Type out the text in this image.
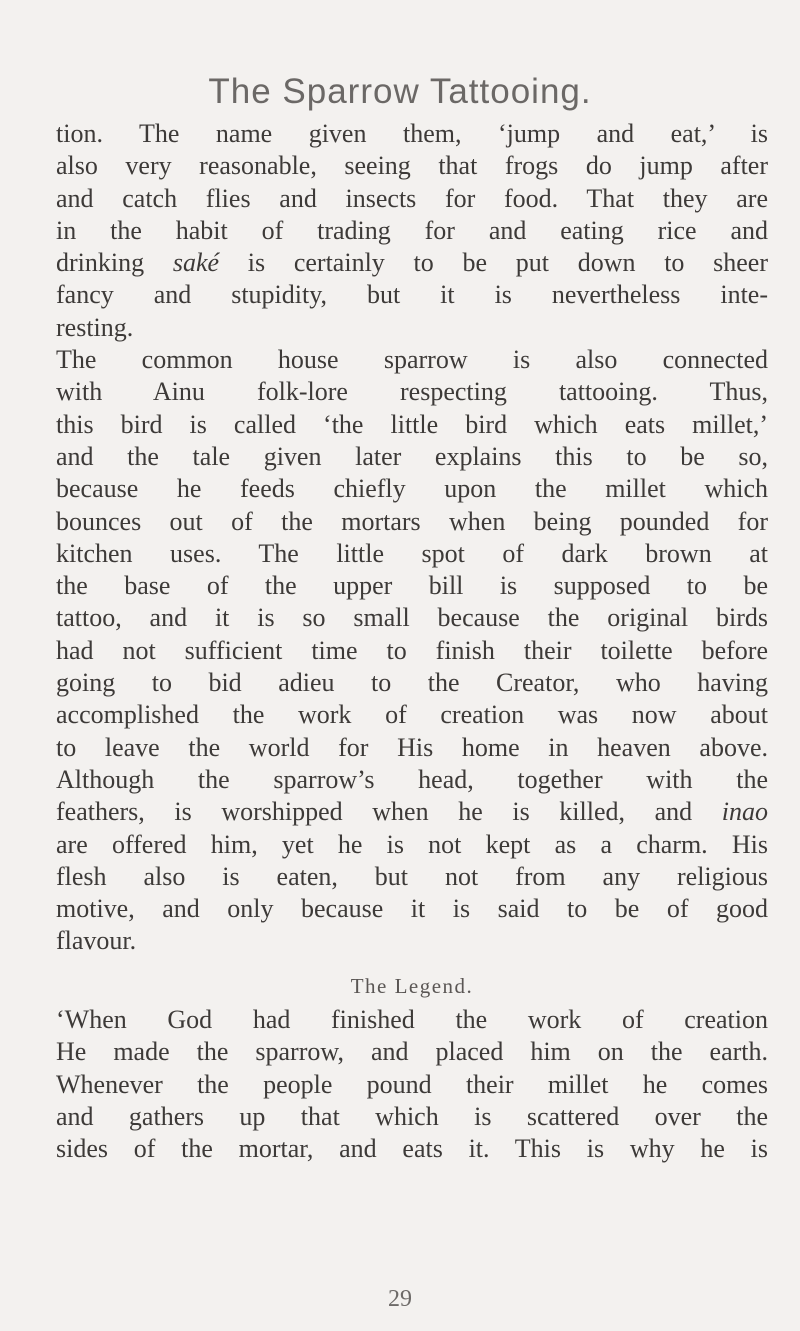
The Sparrow Tattooing.
tion. The name given them, ‘jump and eat,’ is
also very reasonable, seeing that frogs do jump after
and catch flies and insects for food. That they are
in the habit of trading for and eating rice and
drinking saké is certainly to be put down to sheer
fancy and stupidity, but it is nevertheless inte-
resting.
The common house sparrow is also connected
with Ainu folk-lore respecting tattooing. Thus,
this bird is called ‘the little bird which eats millet,’
and the tale given later explains this to be so,
because he feeds chiefly upon the millet which
bounces out of the mortars when being pounded for
kitchen uses. The little spot of dark brown at
the base of the upper bill is supposed to be
tattoo, and it is so small because the original birds
had not sufficient time to finish their toilette before
going to bid adieu to the Creator, who having
accomplished the work of creation was now about
to leave the world for His home in heaven above.
Although the sparrow’s head, together with the
feathers, is worshipped when he is killed, and inao
are offered him, yet he is not kept as a charm. His
flesh also is eaten, but not from any religious
motive, and only because it is said to be of good
flavour.
The Legend.
‘When God had finished the work of creation
He made the sparrow, and placed him on the earth.
Whenever the people pound their millet he comes
and gathers up that which is scattered over the
sides of the mortar, and eats it. This is why he is
29
